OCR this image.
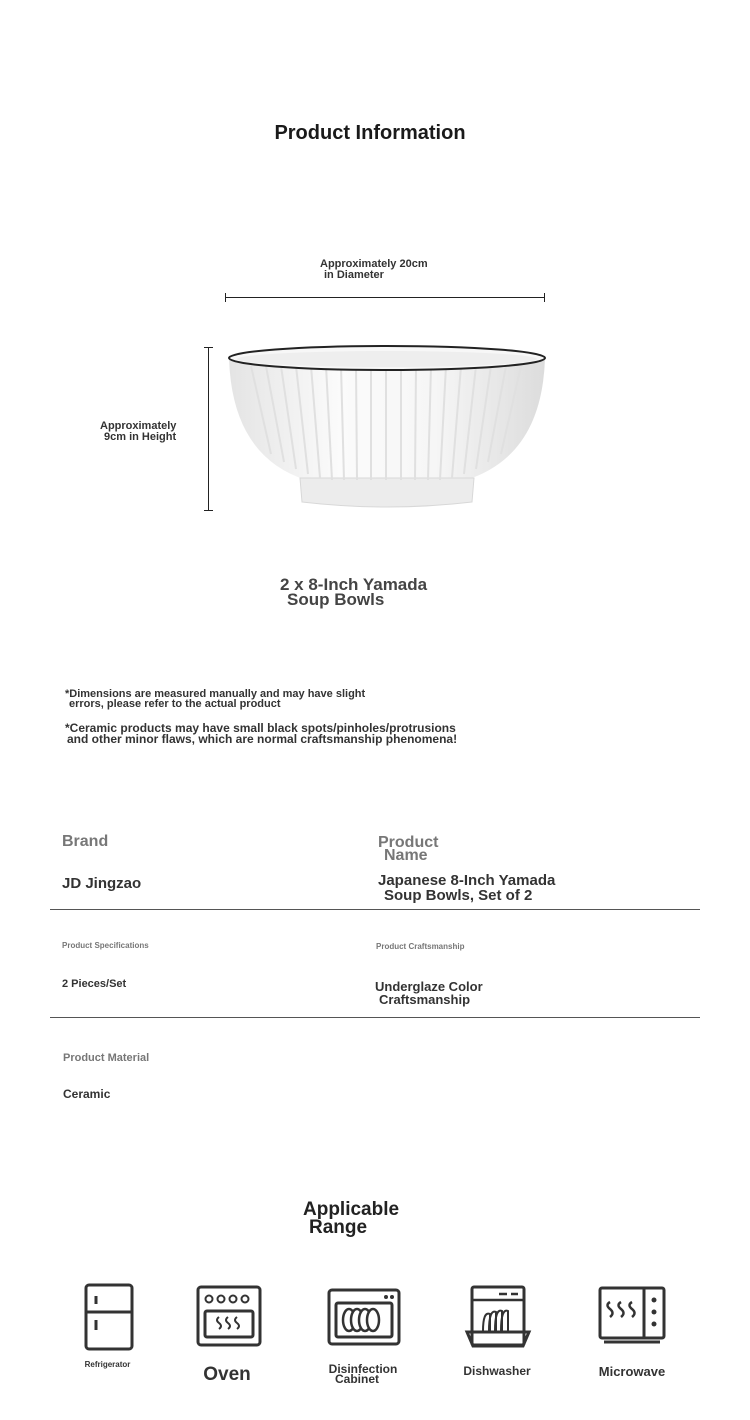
Product Information
Approximately 20cm
in Diameter
Approximately
9cm in Height
2 x 8-Inch Yamada
Soup Bowls
*Dimensions are measured manually and may have slight
errors, please refer to the actual product
*Ceramic products may have small black spots/pinholes/protrusions
and other minor flaws, which are normal craftsmanship phenomena!
Brand
JD Jingzao
Product
Name
Japanese 8-Inch Yamada
Soup Bowls, Set of 2
Product Specifications
2 Pieces/Set
Product Craftsmanship
Underglaze Color
Craftsmanship
Product Material
Ceramic
Applicable
Range
Refrigerator	Oven	Disinfection
Cabinet
Dishwasher	Microwave
